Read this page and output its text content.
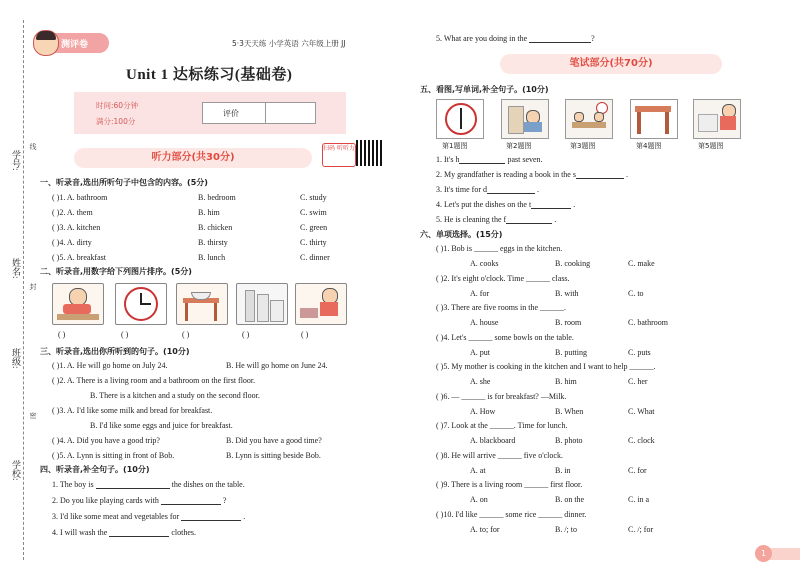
学号:
姓名:
班级:
学校:
线
封
密
测评卷	5·3天天练 小学英语 六年级上册 JJ
Unit 1 达标练习(基础卷)
时间:60分钟
满分:100分
评价
听力部分(共30分)
扫码 听听力
一、听录音,选出所听句子中包含的内容。(5分)
( )1. A. bathroom	B. bedroom	C. study
( )2. A. them	B. him	C. swim
( )3. A. kitchen	B. chicken	C. green
( )4. A. dirty	B. thirsty	C. thirty
( )5. A. breakfast	B. lunch	C. dinner
二、听录音,用数字给下列图片排序。(5分)
( )	( )	( )	( )	( )
三、听录音,选出你所听到的句子。(10分)
( )1. A. He will go home on July 24.	B. He will go home on June 24.
( )2. A. There is a living room and a bathroom on the first floor.
B. There is a kitchen and a study on the second floor.
( )3. A. I'd like some milk and bread for breakfast.
B. I'd like some eggs and juice for breakfast.
( )4. A. Did you have a good trip?	B. Did you have a good time?
( )5. A. Lynn is sitting in front of Bob.	B. Lynn is sitting beside Bob.
四、听录音,补全句子。(10分)
1. The boy is	the dishes on the table.
2. Do you like playing cards with	?
3. I'd like some meat and vegetables for	.
4. I will wash the	clothes.
5. What are you doing in the	?
笔试部分(共70分)
五、看图,写单词,补全句子。(10分)
第1题图	第2题图	第3题图	第4题图	第5题图
1. It's h	past seven.
2. My grandfather is reading a book in the s	.
3. It's time for d	.
4. Let's put the dishes on the t	.
5. He is cleaning the f	.
六、单项选择。(15分)
( )1. Bob is ______ eggs in the kitchen.
A. cooks	B. cooking	C. make
( )2. It's eight o'clock. Time ______ class.
A. for	B. with	C. to
( )3. There are five rooms in the ______.
A. house	B. room	C. bathroom
( )4. Let's ______ some bowls on the table.
A. put	B. putting	C. puts
( )5. My mother is cooking in the kitchen and I want to help ______.
A. she	B. him	C. her
( )6. — ______ is for breakfast? —Milk.
A. How	B. When	C. What
( )7. Look at the ______. Time for lunch.
A. blackboard	B. photo	C. clock
( )8. He will arrive ______ five o'clock.
A. at	B. in	C. for
( )9. There is a living room ______ first floor.
A. on	B. on the	C. in a
( )10. I'd like ______ some rice ______ dinner.
A. to; for	B. /; to	C. /; for
1
